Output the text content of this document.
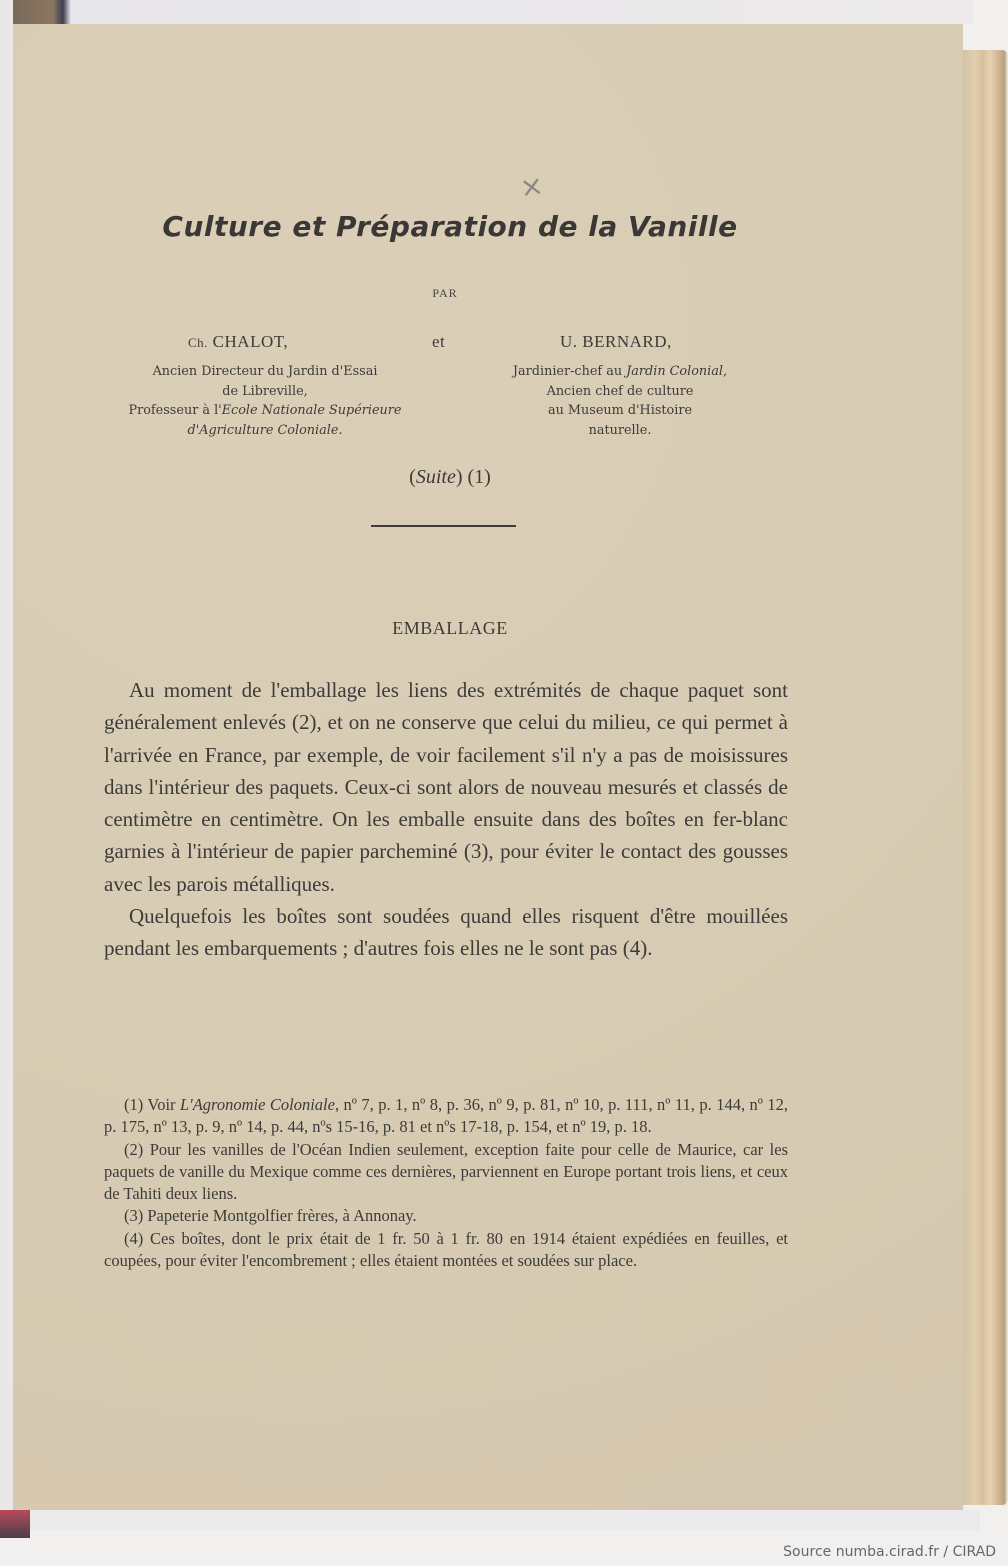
×
Culture et Préparation de la Vanille
PAR
Ch. CHALOT,	et	U. BERNARD,
Ancien Directeur du Jardin d'Essai
de Libreville,
Professeur à l'Ecole Nationale Supérieure
d'Agriculture Coloniale.
Jardinier-chef au Jardin Colonial,
Ancien chef de culture
au Museum d'Histoire
naturelle.
(Suite) (1)
EMBALLAGE

Au moment de l'emballage les liens des extrémités de chaque paquet sont généralement enlevés (2), et on ne conserve que celui du milieu, ce qui permet à l'arrivée en France, par exemple, de voir facilement s'il n'y a pas de moisissures dans l'intérieur des paquets. Ceux-ci sont alors de nouveau mesurés et classés de centimètre en centimètre. On les emballe ensuite dans des boîtes en fer-blanc garnies à l'intérieur de papier parcheminé (3), pour éviter le contact des gousses avec les parois métalliques.

Quelquefois les boîtes sont soudées quand elles risquent d'être mouillées pendant les embarquements ; d'autres fois elles ne le sont pas (4).

(1) Voir L'Agronomie Coloniale, nº 7, p. 1, nº 8, p. 36, nº 9, p. 81, nº 10, p. 111, nº 11, p. 144, nº 12, p. 175, nº 13, p. 9, nº 14, p. 44, nºs 15-16, p. 81 et nºs 17-18, p. 154, et nº 19, p. 18.

(2) Pour les vanilles de l'Océan Indien seulement, exception faite pour celle de Maurice, car les paquets de vanille du Mexique comme ces dernières, parviennent en Europe portant trois liens, et ceux de Tahiti deux liens.

(3) Papeterie Montgolfier frères, à Annonay.

(4) Ces boîtes, dont le prix était de 1 fr. 50 à 1 fr. 80 en 1914 étaient expédiées en feuilles, et coupées, pour éviter l'encombrement ; elles étaient montées et soudées sur place.

Source numba.cirad.fr / CIRAD
